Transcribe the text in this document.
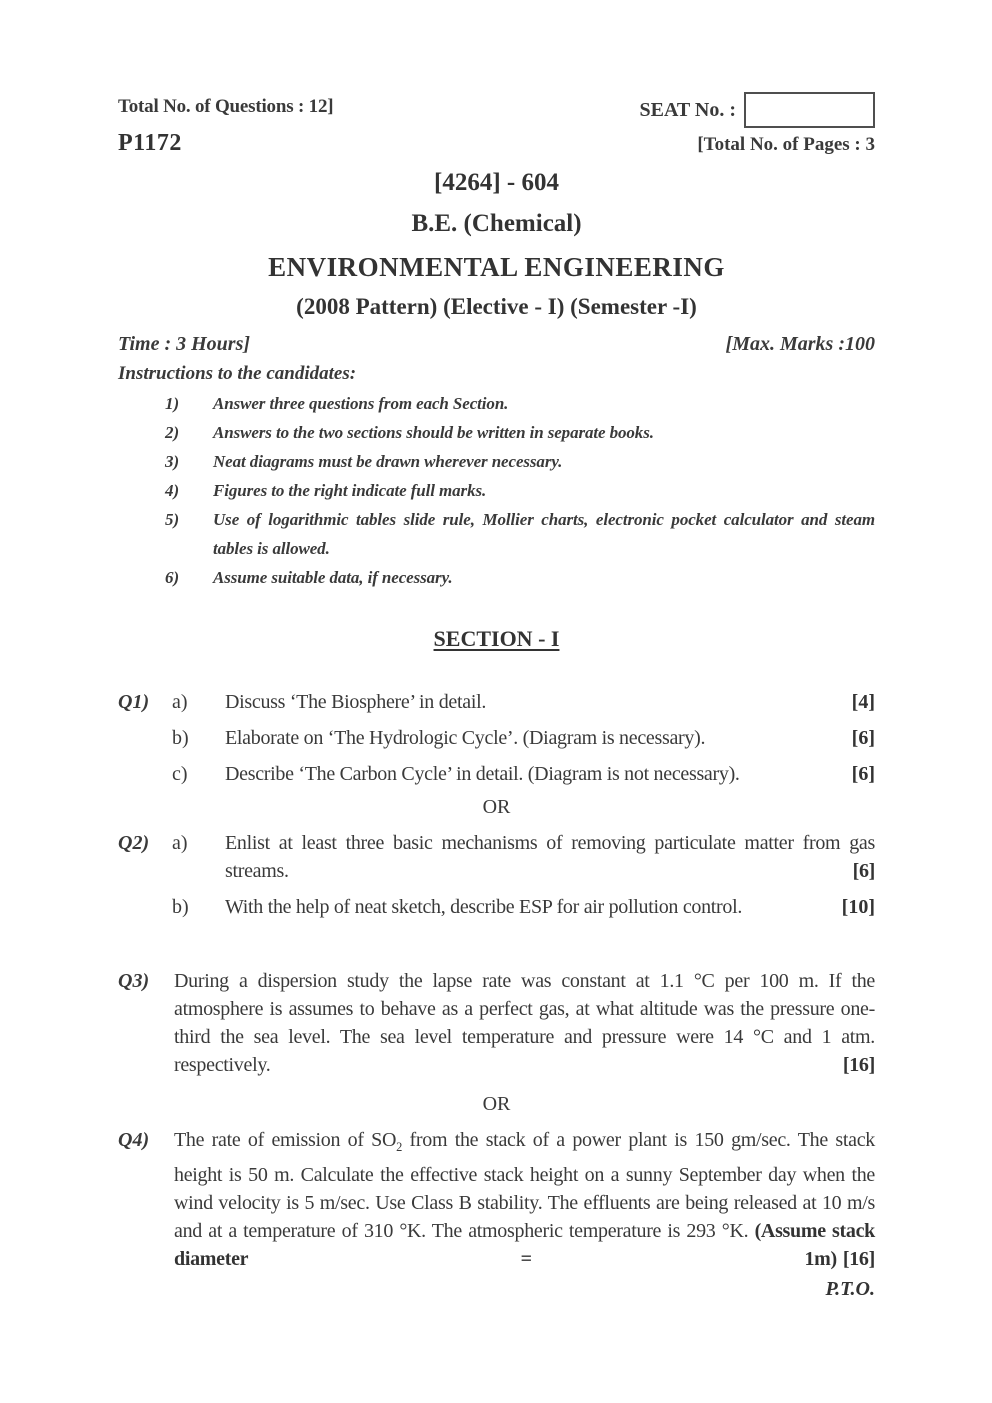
Total No. of Questions : 12]	SEAT No. :
P1172	[Total No. of Pages : 3
[4264] - 604
B.E. (Chemical)
ENVIRONMENTAL ENGINEERING
(2008 Pattern) (Elective - I) (Semester -I)
Time : 3 Hours]	[Max. Marks :100
Instructions to the candidates:
1)	Answer three questions from each Section.
2)	Answers to the two sections should be written in separate books.
3)	Neat diagrams must be drawn wherever necessary.
4)	Figures to the right indicate full marks.
5)	Use of logarithmic tables slide rule, Mollier charts, electronic pocket calculator and steam tables is allowed.
6)	Assume suitable data, if necessary.
SECTION - I
Q1)	a)	Discuss ‘The Biosphere’ in detail.	[4]
b)	Elaborate on ‘The Hydrologic Cycle’. (Diagram is necessary).	[6]
c)	Describe ‘The Carbon Cycle’ in detail. (Diagram is not necessary).	[6]
OR
Q2)	a)	Enlist at least three basic mechanisms of removing particulate matter from gas streams.	[6]
b)	With the help of neat sketch, describe ESP for air pollution control.	[10]
Q3)	During a dispersion study the lapse rate was constant at 1.1 °C per 100 m. If the atmosphere is assumes to behave as a perfect gas, at what altitude was the pressure one-third the sea level. The sea level temperature and pressure were 14 °C and 1 atm. respectively.	[16]
OR
Q4)	The rate of emission of $SO_2$ from the stack of a power plant is 150 gm/sec. The stack height is 50 m. Calculate the effective stack height on a sunny September day when the wind velocity is 5 m/sec. Use Class B stability. The effluents are being released at 10 m/s and at a temperature of 310 °K. The atmospheric temperature is 293 °K. (Assume stack diameter = 1m) [16]
P.T.O.
